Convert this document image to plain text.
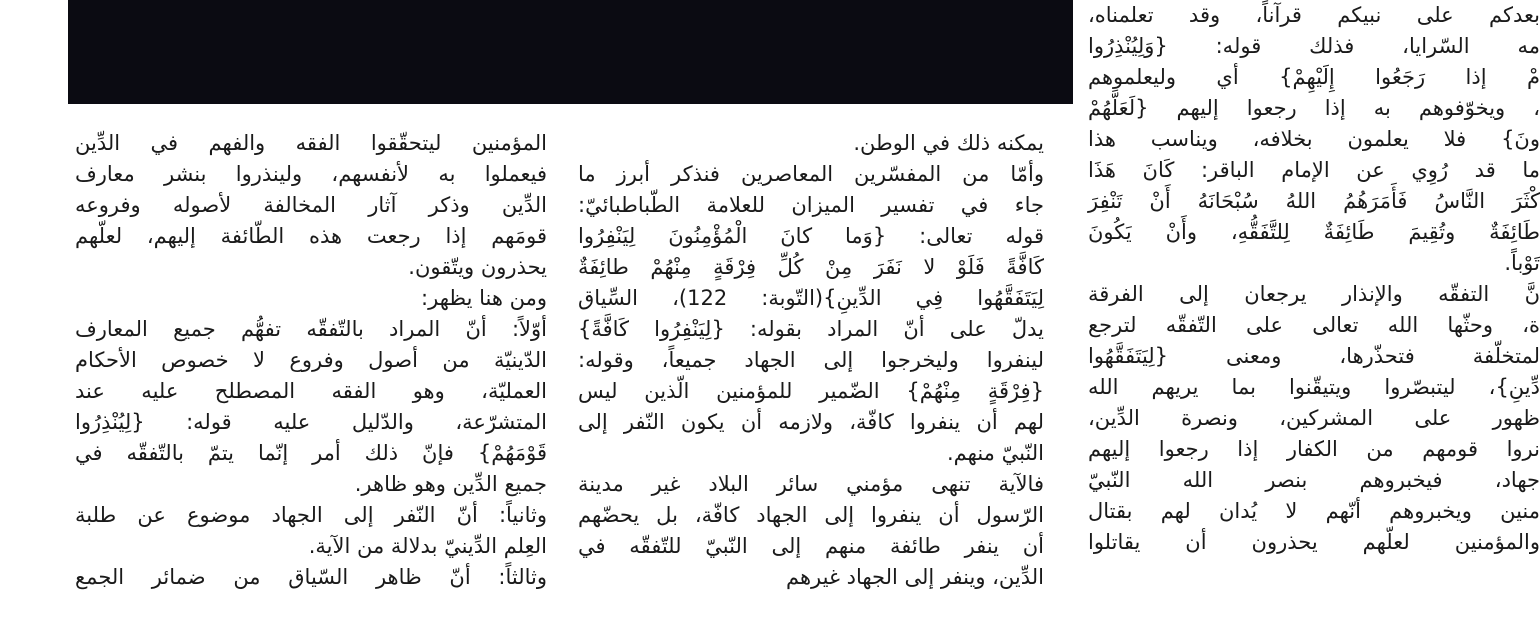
بعدكم على نبيكم قرآناً، وقد تعلمناه،
مه السّرايا، فذلك قوله: {وَلِيُنْذِرُوا
مْ إذا رَجَعُوا إِلَيْهِمْ} أي وليعلموهم
، ويخوّفوهم به إذا رجعوا إليهم {لَعَلَّهُمْ
ونَ} فلا يعلمون بخلافه، ويناسب هذا
ما قد رُوِي عن الإمام الباقر: كَانَ هَذَا
كْثَرَ النَّاسُ فَأَمَرَهُمُ اللهُ سُبْحَانَهُ أَنْ تَنْفِرَ
طَائِفَةٌ وتُقِيمَ طَائِفَةٌ لِلتَّفَقُّهِ، وأَنْ يَكُونَ
تَوْباً.
نَّ التفقّه والإنذار يرجعان إلى الفرقة
ة، وحثّها الله تعالى على التّفقّه لترجع
لمتخلّفة فتحذّرها، ومعنى {لِيَتَفَقَّهُوا
دِّينِ}، ليتبصّروا ويتيقّنوا بما يريهم الله
ظهور على المشركين، ونصرة الدِّين،
نروا قومهم من الكفار إذا رجعوا إليهم
جهاد، فيخبروهم بنصر الله النّبيّ
منين ويخبروهم أنّهم لا يُدان لهم بقتال
والمؤمنين لعلّهم يحذرون أن يقاتلوا
يمكنه ذلك في الوطن.
وأمّا من المفسّرين المعاصرين فنذكر أبرز ما
جاء في تفسير الميزان للعلامة الطّباطبائيّ:
قوله تعالى: {وَما كانَ الْمُؤْمِنُونَ لِيَنْفِرُوا
كَافَّةً فَلَوْ لا نَفَرَ مِنْ كُلِّ فِرْقَةٍ مِنْهُمْ طائِفَةٌ
لِيَتَفَقَّهُوا فِي الدِّينِ}(التّوبة: 122)، السِّياق
يدلّ على أنّ المراد بقوله: {لِيَنْفِرُوا كَافَّةً}
لينفروا وليخرجوا إلى الجهاد جميعاً، وقوله:
{فِرْقَةٍ مِنْهُمْ} الضّمير للمؤمنين الّذين ليس
لهم أن ينفروا كافّة، ولازمه أن يكون النّفر إلى
النّبيّ منهم.
فالآية تنهى مؤمني سائر البلاد غير مدينة
الرّسول أن ينفروا إلى الجهاد كافّة، بل يحضّهم
أن ينفر طائفة منهم إلى النّبيّ للتّفقّه في
الدِّين، وينفر إلى الجهاد غيرهم
المؤمنين ليتحقّقوا الفقه والفهم في الدِّين
فيعملوا به لأنفسهم، ولينذروا بنشر معارف
الدِّين وذكر آثار المخالفة لأصوله وفروعه
قومَهم إذا رجعت هذه الطّائفة إليهم، لعلّهم
يحذرون ويتّقون.
ومن هنا يظهر:
أوّلاً: أنّ المراد بالتّفقّه تفهُّم جميع المعارف
الدّينيّة من أصول وفروع لا خصوص الأحكام
العمليّة، وهو الفقه المصطلح عليه عند
المتشرّعة، والدّليل عليه قوله: {لِيُنْذِرُوا
قَوْمَهُمْ} فإنّ ذلك أمر إنّما يتمّ بالتّفقّه في
جميع الدِّين وهو ظاهر.
وثانياً: أنّ النّفر إلى الجهاد موضوع عن طلبة
العِلم الدِّينيّ بدلالة من الآية.
وثالثاً: أنّ ظاهر السّياق من ضمائر الجمع
